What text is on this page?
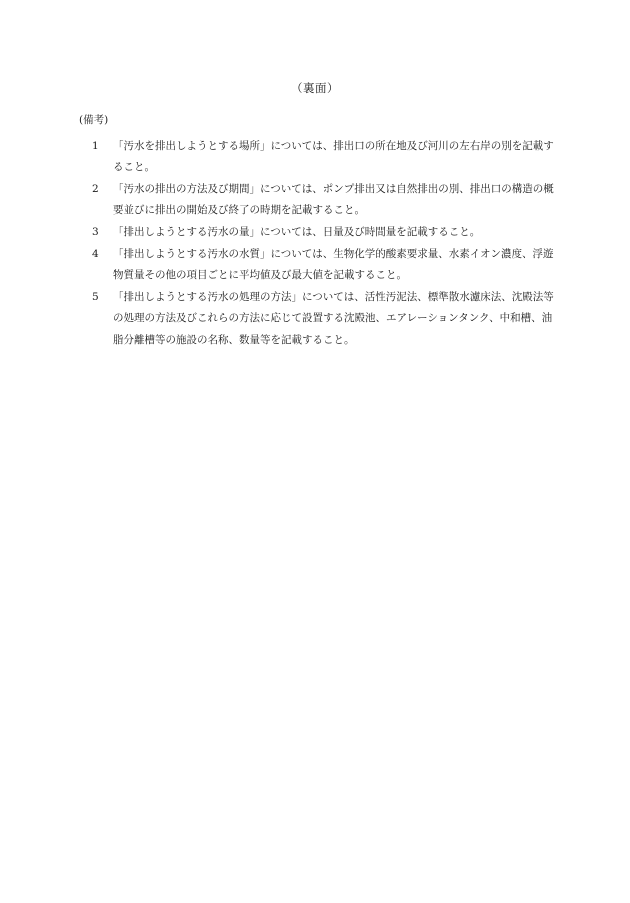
（裏面）
(備考)
1 「汚水を排出しようとする場所」については、排出口の所在地及び河川の左右岸の別を記載すること。
2 「汚水の排出の方法及び期間」については、ポンプ排出又は自然排出の別、排出口の構造の概要並びに排出の開始及び終了の時期を記載すること。
3 「排出しようとする汚水の量」については、日量及び時間量を記載すること。
4 「排出しようとする汚水の水質」については、生物化学的酸素要求量、水素イオン濃度、浮遊物質量その他の項目ごとに平均値及び最大値を記載すること。
5 「排出しようとする汚水の処理の方法」については、活性汚泥法、標準散水濾床法、沈殿法等の処理の方法及びこれらの方法に応じて設置する沈殿池、エアレーションタンク、中和槽、油脂分離槽等の施設の名称、数量等を記載すること。
